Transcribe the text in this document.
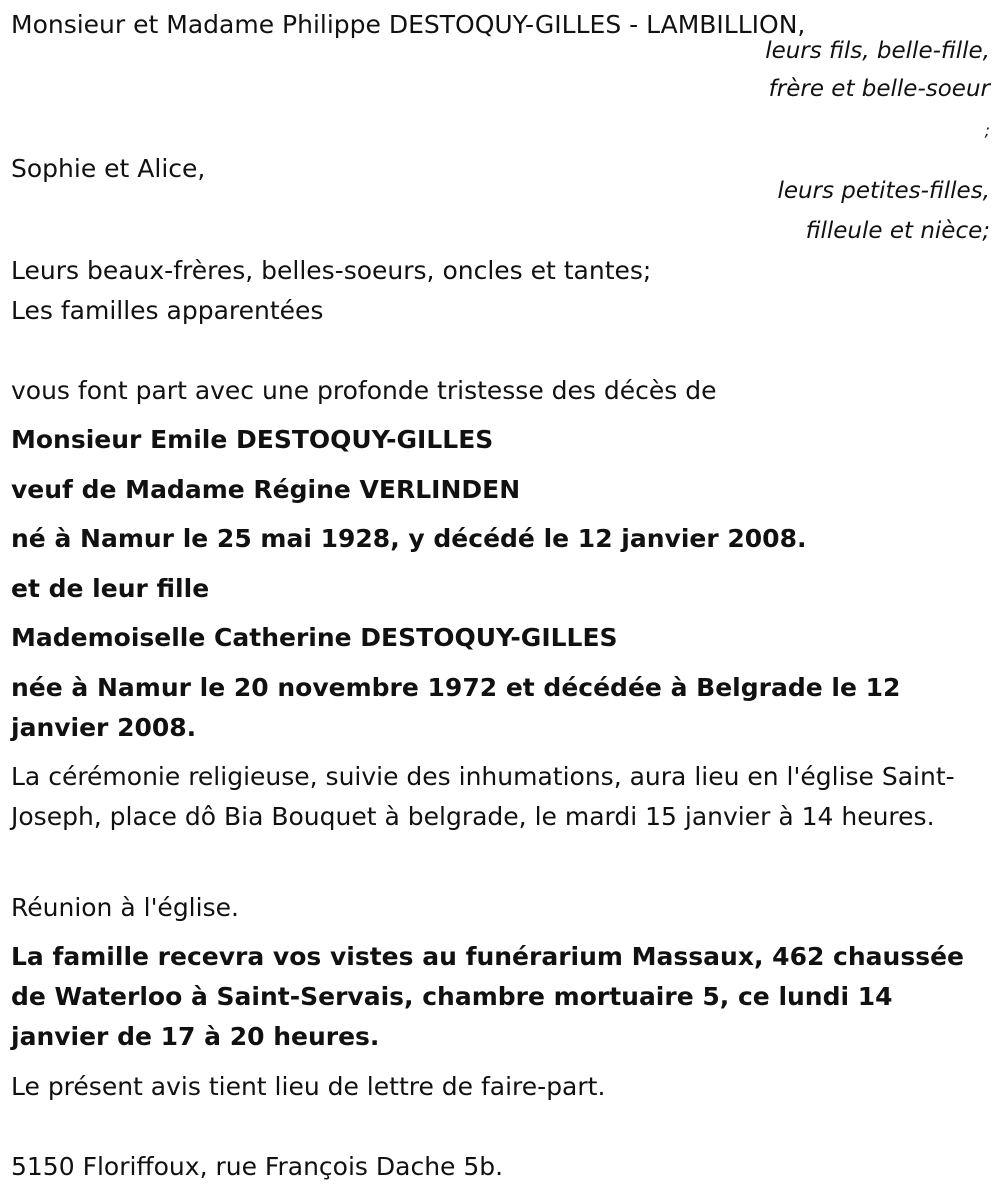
Monsieur et Madame Philippe DESTOQUY-GILLES - LAMBILLION,
leurs fils, belle-fille,
frère et belle-soeur
;
Sophie et Alice,
leurs petites-filles,
filleule et nièce;
Leurs beaux-frères, belles-soeurs, oncles et tantes;
Les familles apparentées
vous font part avec une profonde tristesse des décès de
Monsieur Emile DESTOQUY-GILLES
veuf de Madame Régine VERLINDEN
né à Namur le 25 mai 1928, y décédé le 12 janvier 2008.
et de leur fille
Mademoiselle Catherine DESTOQUY-GILLES
née à Namur le 20 novembre 1972 et décédée à Belgrade le 12 janvier 2008.
La cérémonie religieuse, suivie des inhumations, aura lieu en l'église Saint-Joseph, place dô Bia Bouquet à belgrade, le mardi 15 janvier à 14 heures.
Réunion à l'église.
La famille recevra vos vistes au funérarium Massaux, 462 chaussée de Waterloo à Saint-Servais, chambre mortuaire 5, ce lundi 14 janvier de 17 à 20 heures.
Le présent avis tient lieu de lettre de faire-part.
5150 Floriffoux, rue François Dache 5b.
